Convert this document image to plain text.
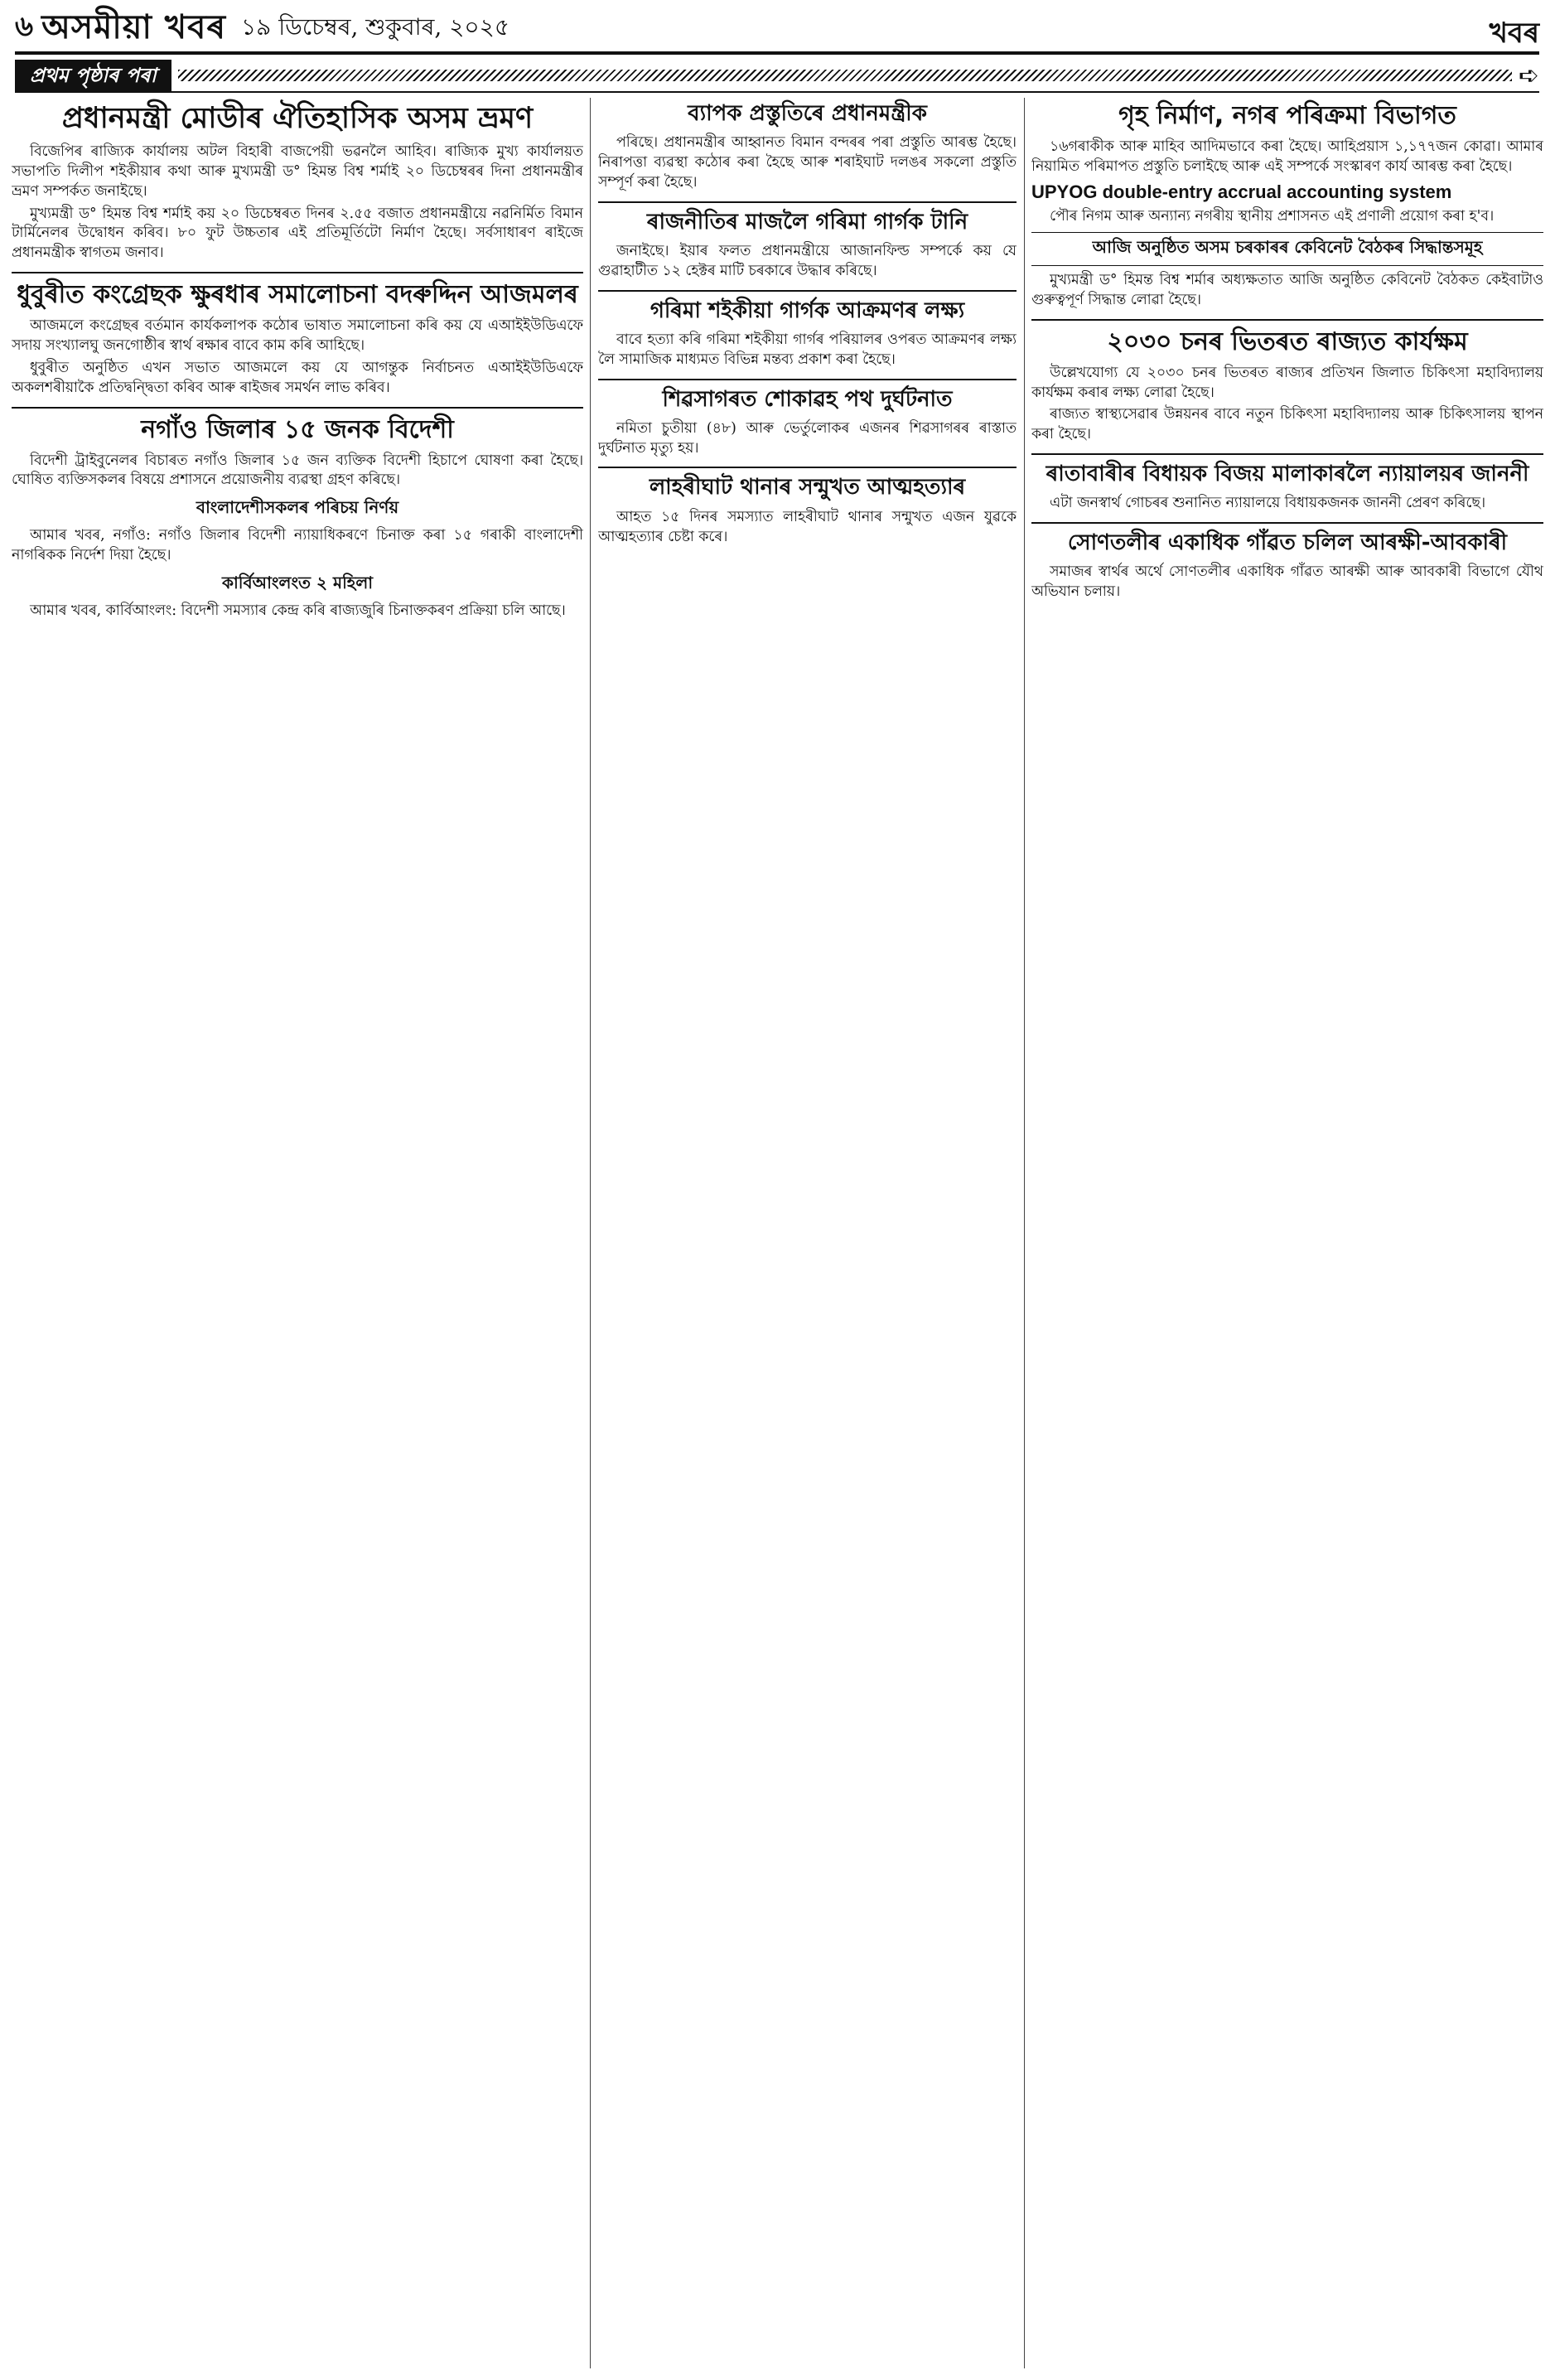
৬ অসমীয়া খবৰ ১৯ ডিচেম্বৰ, শুকুবাৰ, ২০২৫	খবৰ
প্ৰথম পৃষ্ঠাৰ পৰা	➪
প্ৰধানমন্ত্ৰী মোডীৰ ঐতিহাসিক অসম ভ্ৰমণ

বিজেপিৰ ৰাজ্যিক কাৰ্যালয় অটল বিহাৰী বাজপেয়ী ভৱনলৈ আহিব। ৰাজ্যিক মুখ্য কাৰ্যালয়ত সভাপতি দিলীপ শইকীয়াৰ কথা আৰু মুখ্যমন্ত্ৰী ড° হিমন্ত বিশ্ব শৰ্মাই ২০ ডিচেম্বৰৰ দিনা প্ৰধানমন্ত্ৰীৰ ভ্ৰমণ সম্পৰ্কত জনাইছে।

মুখ্যমন্ত্ৰী ড° হিমন্ত বিশ্ব শৰ্মাই কয় ২০ ডিচেম্বৰত দিনৰ ২.৫৫ বজাত প্ৰধানমন্ত্ৰীয়ে নৱনিৰ্মিত বিমান টাৰ্মিনেলৰ উদ্বোধন কৰিব। ৮০ ফুট উচ্চতাৰ এই প্ৰতিমূৰ্তিটো নিৰ্মাণ হৈছে। সৰ্বসাধাৰণ ৰাইজে প্ৰধানমন্ত্ৰীক স্বাগতম জনাব।

ধুবুৰীত কংগ্ৰেছক ক্ষুৰধাৰ সমালোচনা বদৰুদ্দিন আজমলৰ

আজমলে কংগ্ৰেছৰ বৰ্তমান কাৰ্যকলাপক কঠোৰ ভাষাত সমালোচনা কৰি কয় যে এআইইউডিএফে সদায় সংখ্যালঘু জনগোষ্ঠীৰ স্বাৰ্থ ৰক্ষাৰ বাবে কাম কৰি আহিছে।

ধুবুৰীত অনুষ্ঠিত এখন সভাত আজমলে কয় যে আগন্তুক নিৰ্বাচনত এআইইউডিএফে অকলশৰীয়াকৈ প্ৰতিদ্বন্দ্বিতা কৰিব আৰু ৰাইজৰ সমৰ্থন লাভ কৰিব।

নগাঁও জিলাৰ ১৫ জনক বিদেশী

বিদেশী ট্ৰাইবুনেলৰ বিচাৰত নগাঁও জিলাৰ ১৫ জন ব্যক্তিক বিদেশী হিচাপে ঘোষণা কৰা হৈছে। ঘোষিত ব্যক্তিসকলৰ বিষয়ে প্ৰশাসনে প্ৰয়োজনীয় ব্যৱস্থা গ্ৰহণ কৰিছে।

বাংলাদেশীসকলৰ পৰিচয় নিৰ্ণয়

আমাৰ খবৰ, নগাঁও: নগাঁও জিলাৰ বিদেশী ন্যায়াধিকৰণে চিনাক্ত কৰা ১৫ গৰাকী বাংলাদেশী নাগৰিকক নিৰ্দেশ দিয়া হৈছে।

কাৰ্বিআংলংত ২ মহিলা

আমাৰ খবৰ, কাৰ্বিআংলং: বিদেশী সমস্যাৰ কেন্দ্ৰ কৰি ৰাজ্যজুৰি চিনাক্তকৰণ প্ৰক্ৰিয়া চলি আছে।

ব্যাপক প্ৰস্তুতিৰে প্ৰধানমন্ত্ৰীক

পৰিছে। প্ৰধানমন্ত্ৰীৰ আহ্বানত বিমান বন্দৰৰ পৰা প্ৰস্তুতি আৰম্ভ হৈছে। নিৰাপত্তা ব্যৱস্থা কঠোৰ কৰা হৈছে আৰু শৰাইঘাট দলঙৰ সকলো প্ৰস্তুতি সম্পূৰ্ণ কৰা হৈছে।

ৰাজনীতিৰ মাজলৈ গৰিমা গাৰ্গক টানি

জনাইছে। ইয়াৰ ফলত প্ৰধানমন্ত্ৰীয়ে আজানফিল্ড সম্পৰ্কে কয় যে গুৱাহাটীত ১২ হেক্টৰ মাটি চৰকাৰে উদ্ধাৰ কৰিছে।

গৰিমা শইকীয়া গাৰ্গক আক্ৰমণৰ লক্ষ্য

বাবে হত্যা কৰি গৰিমা শইকীয়া গাৰ্গৰ পৰিয়ালৰ ওপৰত আক্ৰমণৰ লক্ষ্য লৈ সামাজিক মাধ্যমত বিভিন্ন মন্তব্য প্ৰকাশ কৰা হৈছে।

শিৱসাগৰত শোকাৱহ পথ দুৰ্ঘটনাত

নমিতা চুতীয়া (৪৮) আৰু ভেৰ্তুলোকৰ এজনৰ শিৱসাগৰৰ ৰাস্তাত দুৰ্ঘটনাত মৃত্যু হয়।

লাহৰীঘাট থানাৰ সন্মুখত আত্মহত্যাৰ

আহত ১৫ দিনৰ সমস্যাত লাহৰীঘাট থানাৰ সন্মুখত এজন যুৱকে আত্মহত্যাৰ চেষ্টা কৰে।

গৃহ নিৰ্মাণ, নগৰ পৰিক্ৰমা বিভাগত

১৬গৰাকীক আৰু মাহিব আদিমভাবে কৰা হৈছে। আহিপ্ৰয়াস ১,১৭৭জন কোৱা। আমাৰ নিয়ামিত পৰিমাপত প্ৰস্তুতি চলাইছে আৰু এই সম্পৰ্কে সংস্কাৰণ কাৰ্য আৰম্ভ কৰা হৈছে।

UPYOG double-entry accrual accounting system

পৌৰ নিগম আৰু অন্যান্য নগৰীয় স্থানীয় প্ৰশাসনত এই প্ৰণালী প্ৰয়োগ কৰা হ'ব।

আজি অনুষ্ঠিত অসম চৰকাৰৰ কেবিনেট বৈঠকৰ সিদ্ধান্তসমূহ

মুখ্যমন্ত্ৰী ড° হিমন্ত বিশ্ব শৰ্মাৰ অধ্যক্ষতাত আজি অনুষ্ঠিত কেবিনেট বৈঠকত কেইবাটাও গুৰুত্বপূৰ্ণ সিদ্ধান্ত লোৱা হৈছে।

২০৩০ চনৰ ভিতৰত ৰাজ্যত কাৰ্যক্ষম

উল্লেখযোগ্য যে ২০৩০ চনৰ ভিতৰত ৰাজ্যৰ প্ৰতিখন জিলাত চিকিৎসা মহাবিদ্যালয় কাৰ্যক্ষম কৰাৰ লক্ষ্য লোৱা হৈছে।

ৰাজ্যত স্বাস্থ্যসেৱাৰ উন্নয়নৰ বাবে নতুন চিকিৎসা মহাবিদ্যালয় আৰু চিকিৎসালয় স্থাপন কৰা হৈছে।

ৰাতাবাৰীৰ বিধায়ক বিজয় মালাকাৰলৈ ন্যায়ালয়ৰ জাননী

এটা জনস্বাৰ্থ গোচৰৰ শুনানিত ন্যায়ালয়ে বিধায়কজনক জাননী প্ৰেৰণ কৰিছে।

সোণতলীৰ একাধিক গাঁৱত চলিল আৰক্ষী-আবকাৰী

সমাজৰ স্বাৰ্থৰ অৰ্থে সোণতলীৰ একাধিক গাঁৱত আৰক্ষী আৰু আবকাৰী বিভাগে যৌথ অভিযান চলায়।
